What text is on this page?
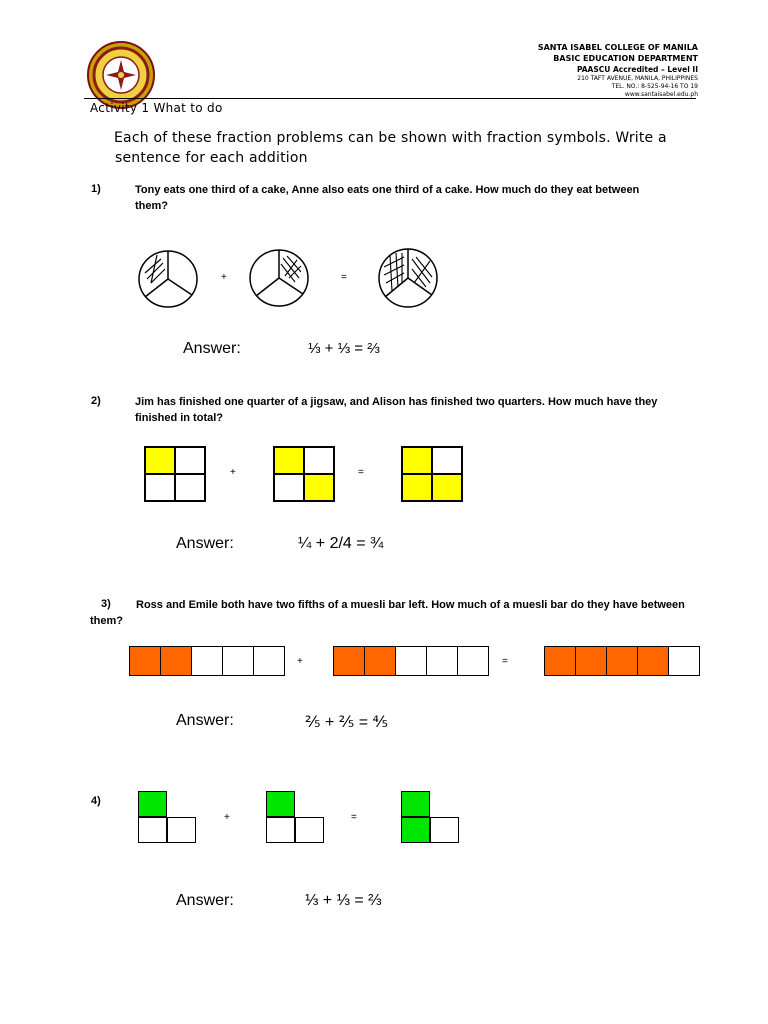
SANTA ISABEL COLLEGE OF MANILA
BASIC EDUCATION DEPARTMENT
PAASCU Accredited – Level II
210 TAFT AVENUE, MANILA, PHILIPPINES
TEL. NO.: 8-525-94-16 TO 19
www.santaisabel.edu.ph
Activity 1 What to do
Each of these fraction problems can be shown with fraction symbols. Write a
sentence for each addition
1)	Tony eats one third of a cake, Anne also eats one third of a cake. How much do they eat between them?
+	=
Answer:	⅓ + ⅓ = ⅔
2)	Jim has finished one quarter of a jigsaw, and Alison has finished two quarters. How much have they finished in total?
+	=
Answer:	¼ + 2/4 = ¾
3)	Ross and Emile both have two fifths of a muesli bar left. How much of a muesli bar do they have between them?
+	=
Answer:	⅖ + ⅖ = ⅘
4)
+	=
Answer:	⅓ + ⅓ = ⅔
